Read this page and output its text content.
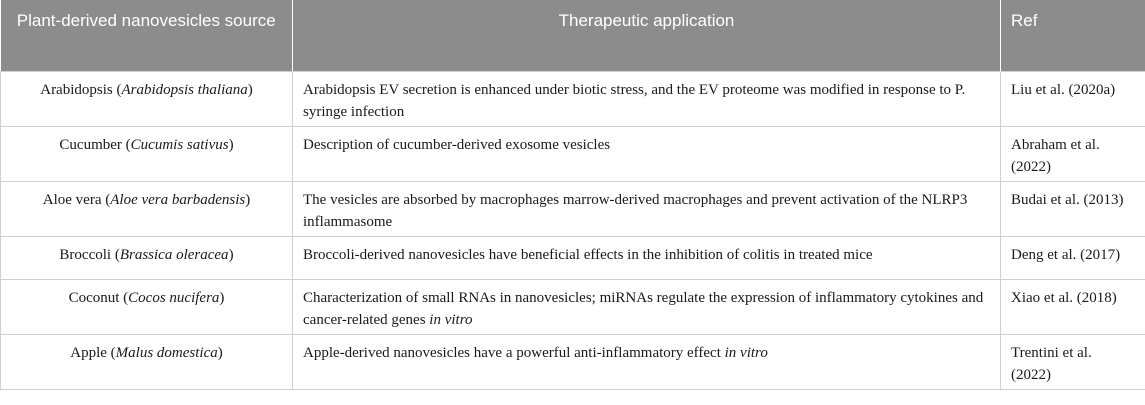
Plant-derived nanovesicles source	Therapeutic application	Ref
Arabidopsis (Arabidopsis thaliana)	Arabidopsis EV secretion is enhanced under biotic stress, and the EV proteome was modified in response to P. syringe infection	Liu et al. (2020a)
Cucumber (Cucumis sativus)	Description of cucumber-derived exosome vesicles	Abraham et al. (2022)
Aloe vera (Aloe vera barbadensis)	The vesicles are absorbed by macrophages marrow-derived macrophages and prevent activation of the NLRP3 inflammasome	Budai et al. (2013)
Broccoli (Brassica oleracea)	Broccoli-derived nanovesicles have beneficial effects in the inhibition of colitis in treated mice	Deng et al. (2017)
Coconut (Cocos nucifera)	Characterization of small RNAs in nanovesicles; miRNAs regulate the expression of inflammatory cytokines and cancer-related genes in vitro	Xiao et al. (2018)
Apple (Malus domestica)	Apple-derived nanovesicles have a powerful anti-inflammatory effect in vitro	Trentini et al. (2022)
